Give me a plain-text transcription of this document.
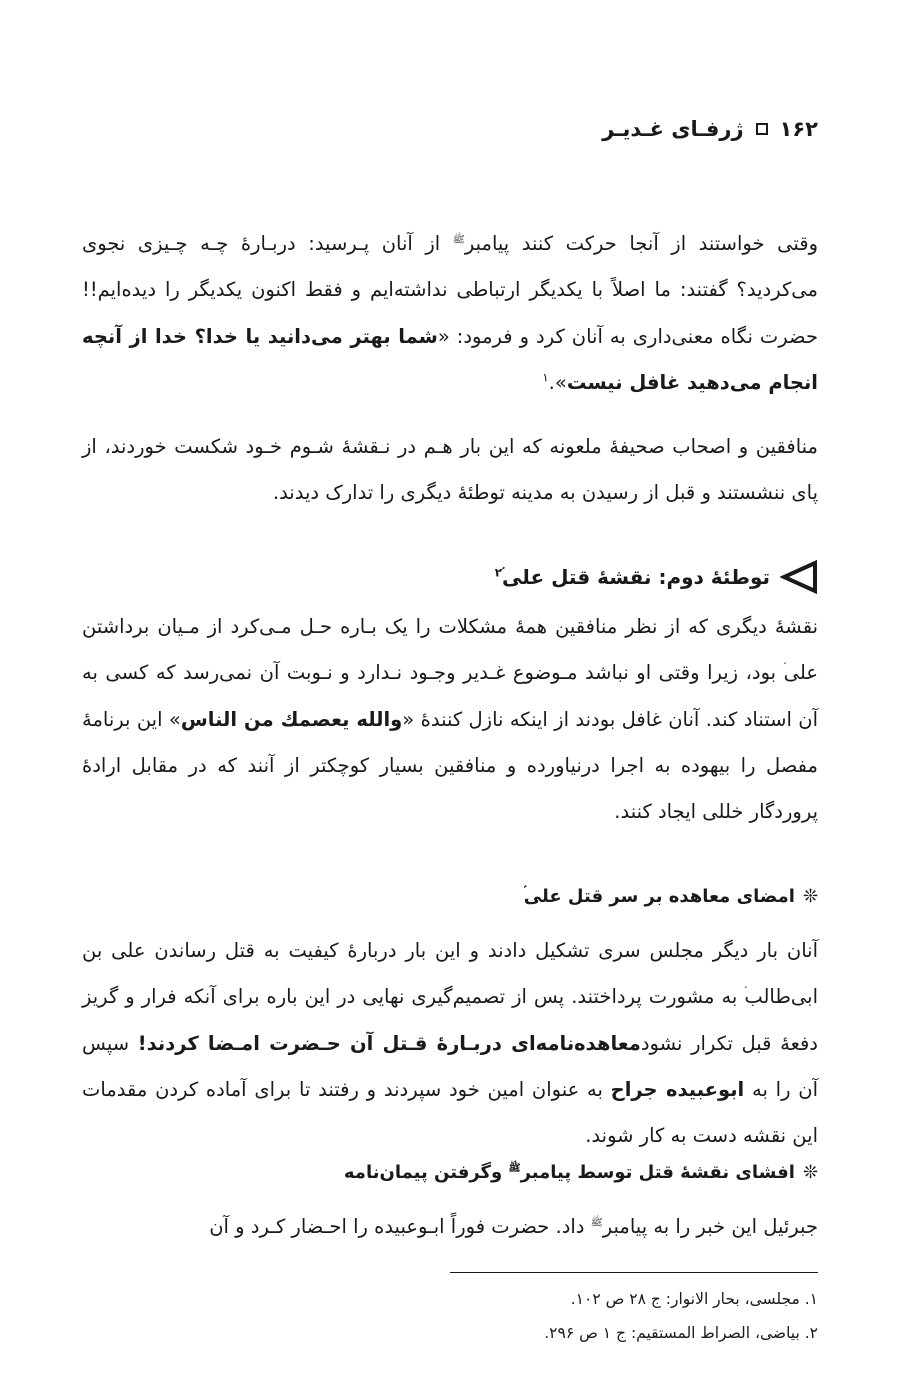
۱۶۲
ژرفـای غـدیـر
وقتی خواستند از آنجا حرکت کنند پیامبر$^ﷺ$ از آنان پـرسید: دربـارهٔ چـه چـیزی نجوی می‌کردید؟ گفتند: ما اصلاً با یکدیگر ارتباطی نداشته‌ایم و فقط اکنون یکدیگر را دیده‌ایم!! حضرت نگاه معنی‌داری به آنان کرد و فرمود: «شما بهتر می‌دانید یا خدا؟ خدا از آنچه انجام می‌دهید غافل نیست».$^۱$
منافقین و اصحاب صحیفهٔ ملعونه که این بار هـم در نـقشهٔ شـوم خـود شکست خوردند، از پای ننشستند و قبل از رسیدن به مدینه توطئهٔ دیگری را تدارک دیدند.
توطئهٔ دوم: نقشهٔ قتل علی$^۲$
نقشهٔ دیگری که از نظر منافقین همهٔ مشکلات را یک بـاره حـل مـی‌کرد از مـیان برداشتن علی بود، زیرا وقتی او نباشد مـوضوع غـدیر وجـود نـدارد و نـوبت آن نمی‌رسد که کسی به آن استناد کند. آنان غافل بودند از اینکه نازل کنندهٔ «والله یعصمك من الناس» این برنامهٔ مفصل را بیهوده به اجرا درنیاورده و منافقین بسیار کوچکتر از آنند که در مقابل ارادهٔ پروردگار خللی ایجاد کنند.
❊
امضای معاهده بر سر قتل علی
آنان بار دیگر مجلس سری تشکیل دادند و این بار دربارهٔ کیفیت به قتل رساندن علی بن ابی‌طالب به مشورت پرداختند. پس از تصمیم‌گیری نهایی در این باره برای آنکه فرار و گریز دفعهٔ قبل تکرار نشودمعاهده‌نامه‌ای دربـارهٔ قـتل آن حـضرت امـضا کردند! سپس آن را به ابوعبیده جراح به عنوان امین خود سپردند و رفتند تا برای آماده کردن مقدمات این نقشه دست به کار شوند.
❊
افشای نقشهٔ قتل توسط پیامبر$^ﷺ$ وگرفتن پیمان‌نامه
جبرئیل این خبر را به پیامبر$^ﷺ$ داد. حضرت فوراً ابـوعبیده را احـضار کـرد و آن
۱. مجلسی، بحار الانوار: ج ۲۸ ص ۱۰۲.
۲. بیاضی، الصراط المستقیم: ج ۱ ص ۲۹۶.
